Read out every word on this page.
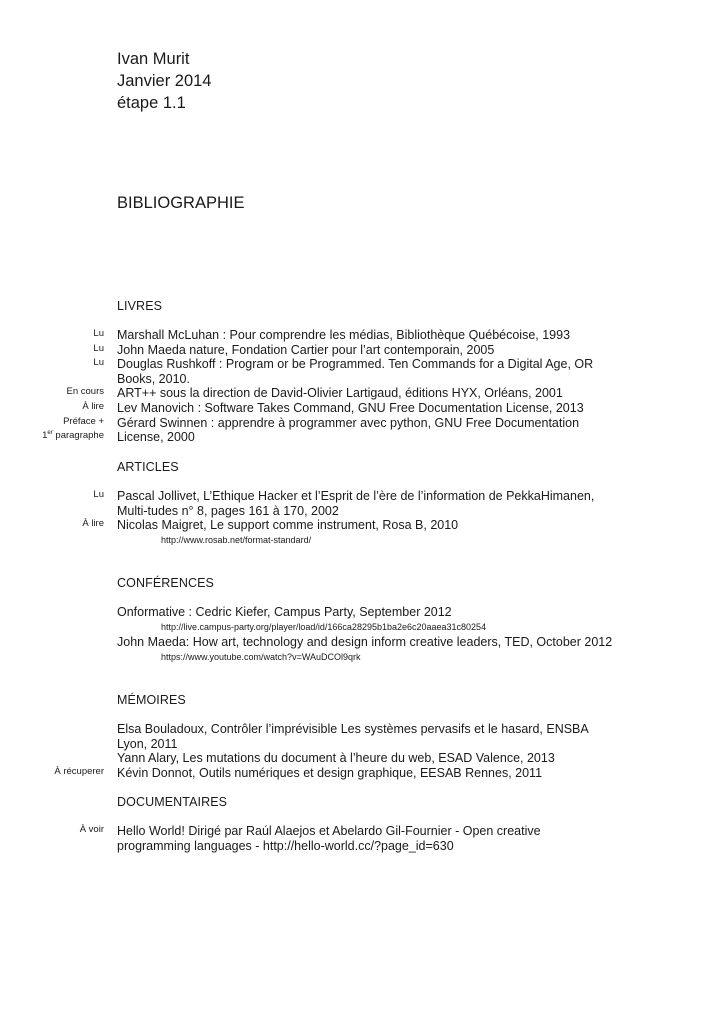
Ivan Murit
Janvier 2014
étape 1.1
BIBLIOGRAPHIE
LIVRES
Lu Marshall McLuhan : Pour comprendre les médias, Bibliothèque Québécoise, 1993
Lu John Maeda nature, Fondation Cartier pour l’art contemporain, 2005
Lu Douglas Rushkoff : Program or be Programmed. Ten Commands for a Digital Age, OR Books, 2010.
En cours ART++ sous la direction de David-Olivier Lartigaud, éditions HYX, Orléans, 2001
À lire Lev Manovich : Software Takes Command, GNU Free Documentation License, 2013
Préface +
1er paragraphe
Gérard Swinnen : apprendre à programmer avec python, GNU Free Documentation License, 2000
ARTICLES
Lu Pascal Jollivet, L’Ethique Hacker et l’Esprit de l’ère de l’information de PekkaHimanen, Multi-tudes n° 8, pages 161 à 170, 2002
À lire Nicolas Maigret, Le support comme instrument, Rosa B, 2010
http://www.rosab.net/format-standard/
CONFÉRENCES
Onformative : Cedric Kiefer, Campus Party, September 2012
http://live.campus-party.org/player/load/id/166ca28295b1ba2e6c20aaea31c80254
John Maeda: How art, technology and design inform creative leaders, TED, October 2012
https://www.youtube.com/watch?v=WAuDCOl9qrk
MÉMOIRES
Elsa Bouladoux, Contrôler l’imprévisible Les systèmes pervasifs et le hasard, ENSBA Lyon, 2011
Yann Alary, Les mutations du document à l’heure du web, ESAD Valence, 2013
À récuperer Kévin Donnot, Outils numériques et design graphique, EESAB Rennes, 2011
DOCUMENTAIRES
À voir Hello World! Dirigé par Raúl Alaejos et Abelardo Gil-Fournier - Open creative programming languages - http://hello-world.cc/?page_id=630
